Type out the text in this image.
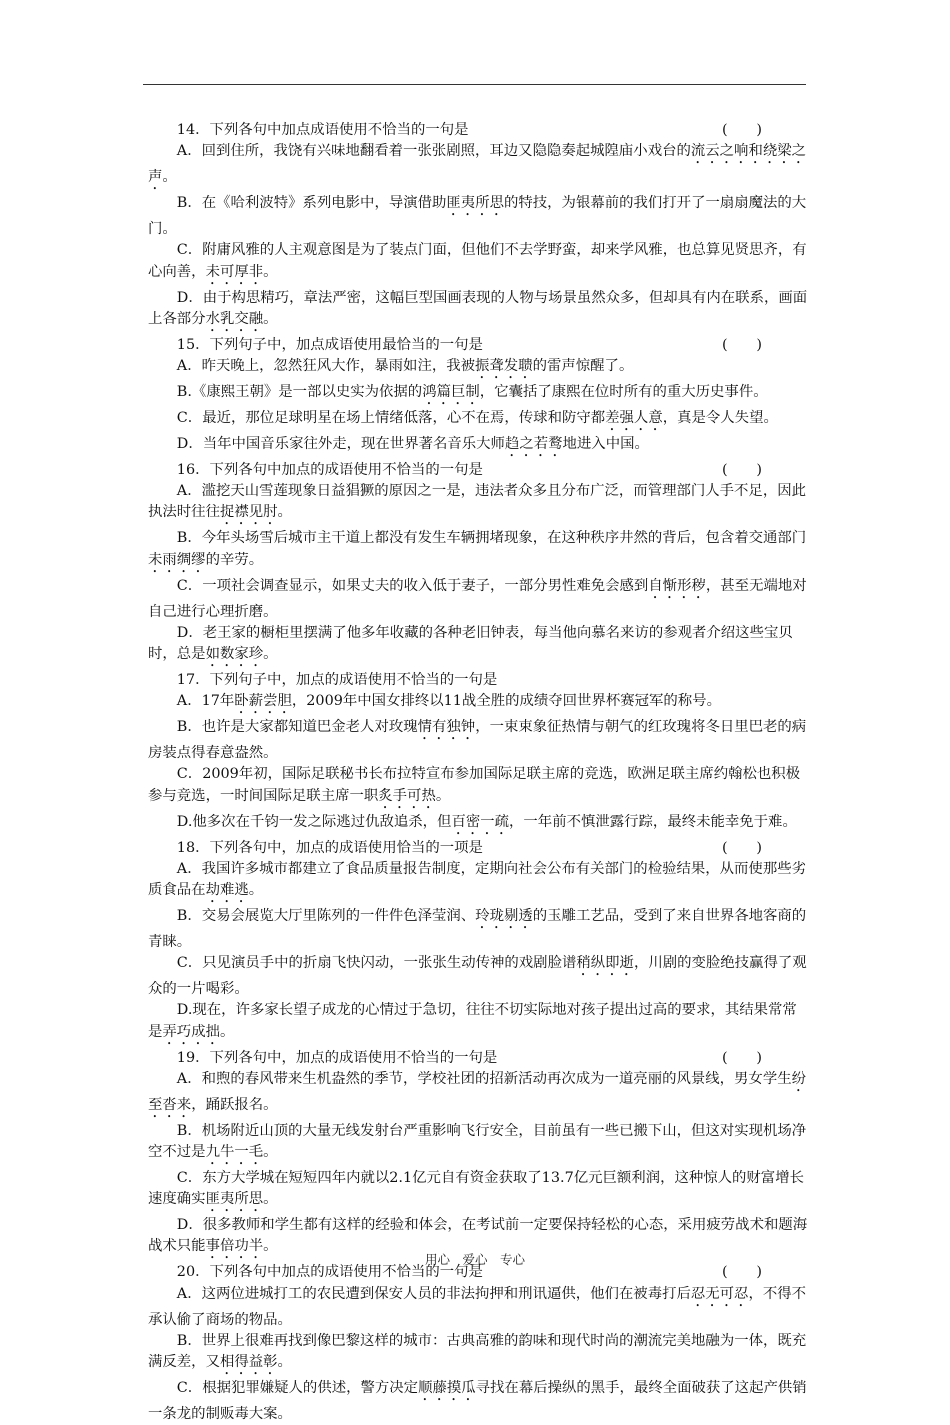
14．下列各句中加点成语使用不恰当的一句是	(　　)

A．回到住所，我饶有兴味地翻看着一张张剧照，耳边又隐隐奏起城隍庙小戏台的流云之响和绕梁之声。

B．在《哈利波特》系列电影中，导演借助匪夷所思的特技，为银幕前的我们打开了一扇扇魔法的大门。

C．附庸风雅的人主观意图是为了装点门面，但他们不去学野蛮，却来学风雅，也总算见贤思齐，有心向善，未可厚非。

D．由于构思精巧，章法严密，这幅巨型国画表现的人物与场景虽然众多，但却具有内在联系，画面上各部分水乳交融。

15．下列句子中，加点成语使用最恰当的一句是	(　　)

A．昨天晚上，忽然狂风大作，暴雨如注，我被振聋发聩的雷声惊醒了。

B.《康熙王朝》是一部以史实为依据的鸿篇巨制，它囊括了康熙在位时所有的重大历史事件。

C．最近，那位足球明星在场上情绪低落，心不在焉，传球和防守都差强人意，真是令人失望。

D．当年中国音乐家往外走，现在世界著名音乐大师趋之若鹜地进入中国。

16．下列各句中加点的成语使用不恰当的一句是	(　　)

A．滥挖天山雪莲现象日益猖獗的原因之一是，违法者众多且分布广泛，而管理部门人手不足，因此执法时往往捉襟见肘。

B．今年头场雪后城市主干道上都没有发生车辆拥堵现象，在这种秩序井然的背后，包含着交通部门未雨绸缪的辛劳。

C．一项社会调查显示，如果丈夫的收入低于妻子，一部分男性难免会感到自惭形秽，甚至无端地对自己进行心理折磨。

D．老王家的橱柜里摆满了他多年收藏的各种老旧钟表，每当他向慕名来访的参观者介绍这些宝贝时，总是如数家珍。

17．下列句子中，加点的成语使用不恰当的一句是

A．17年卧薪尝胆，2009年中国女排终以11战全胜的成绩夺回世界杯赛冠军的称号。

B．也许是大家都知道巴金老人对玫瑰情有独钟，一束束象征热情与朝气的红玫瑰将冬日里巴老的病房装点得春意盎然。

C．2009年初，国际足联秘书长布拉特宣布参加国际足联主席的竞选，欧洲足联主席约翰松也积极参与竞选，一时间国际足联主席一职炙手可热。

D.他多次在千钧一发之际逃过仇敌追杀，但百密一疏，一年前不慎泄露行踪，最终未能幸免于难。

18．下列各句中，加点的成语使用恰当的一项是	(　　)

A．我国许多城市都建立了食品质量报告制度，定期向社会公布有关部门的检验结果，从而使那些劣质食品在劫难逃。

B．交易会展览大厅里陈列的一件件色泽莹润、玲珑剔透的玉雕工艺品，受到了来自世界各地客商的青睐。

C．只见演员手中的折扇飞快闪动，一张张生动传神的戏剧脸谱稍纵即逝，川剧的变脸绝技赢得了观众的一片喝彩。

D.现在，许多家长望子成龙的心情过于急切，往往不切实际地对孩子提出过高的要求，其结果常常是弄巧成拙。

19．下列各句中，加点的成语使用不恰当的一句是	(　　)

A．和煦的春风带来生机盎然的季节，学校社团的招新活动再次成为一道亮丽的风景线，男女学生纷至沓来，踊跃报名。

B．机场附近山顶的大量无线发射台严重影响飞行安全，目前虽有一些已搬下山，但这对实现机场净空不过是九牛一毛。

C．东方大学城在短短四年内就以2.1亿元自有资金获取了13.7亿元巨额利润，这种惊人的财富增长速度确实匪夷所思。

D．很多教师和学生都有这样的经验和体会，在考试前一定要保持轻松的心态，采用疲劳战术和题海战术只能事倍功半。

20．下列各句中加点的成语使用不恰当的一句是	(　　)

A．这两位进城打工的农民遭到保安人员的非法拘押和刑讯逼供，他们在被毒打后忍无可忍，不得不承认偷了商场的物品。

B．世界上很难再找到像巴黎这样的城市：古典高雅的韵味和现代时尚的潮流完美地融为一体，既充满反差，又相得益彰。

C．根据犯罪嫌疑人的供述，警方决定顺藤摸瓜寻找在幕后操纵的黑手，最终全面破获了这起产供销一条龙的制贩毒大案。

用心　爱心　专心
